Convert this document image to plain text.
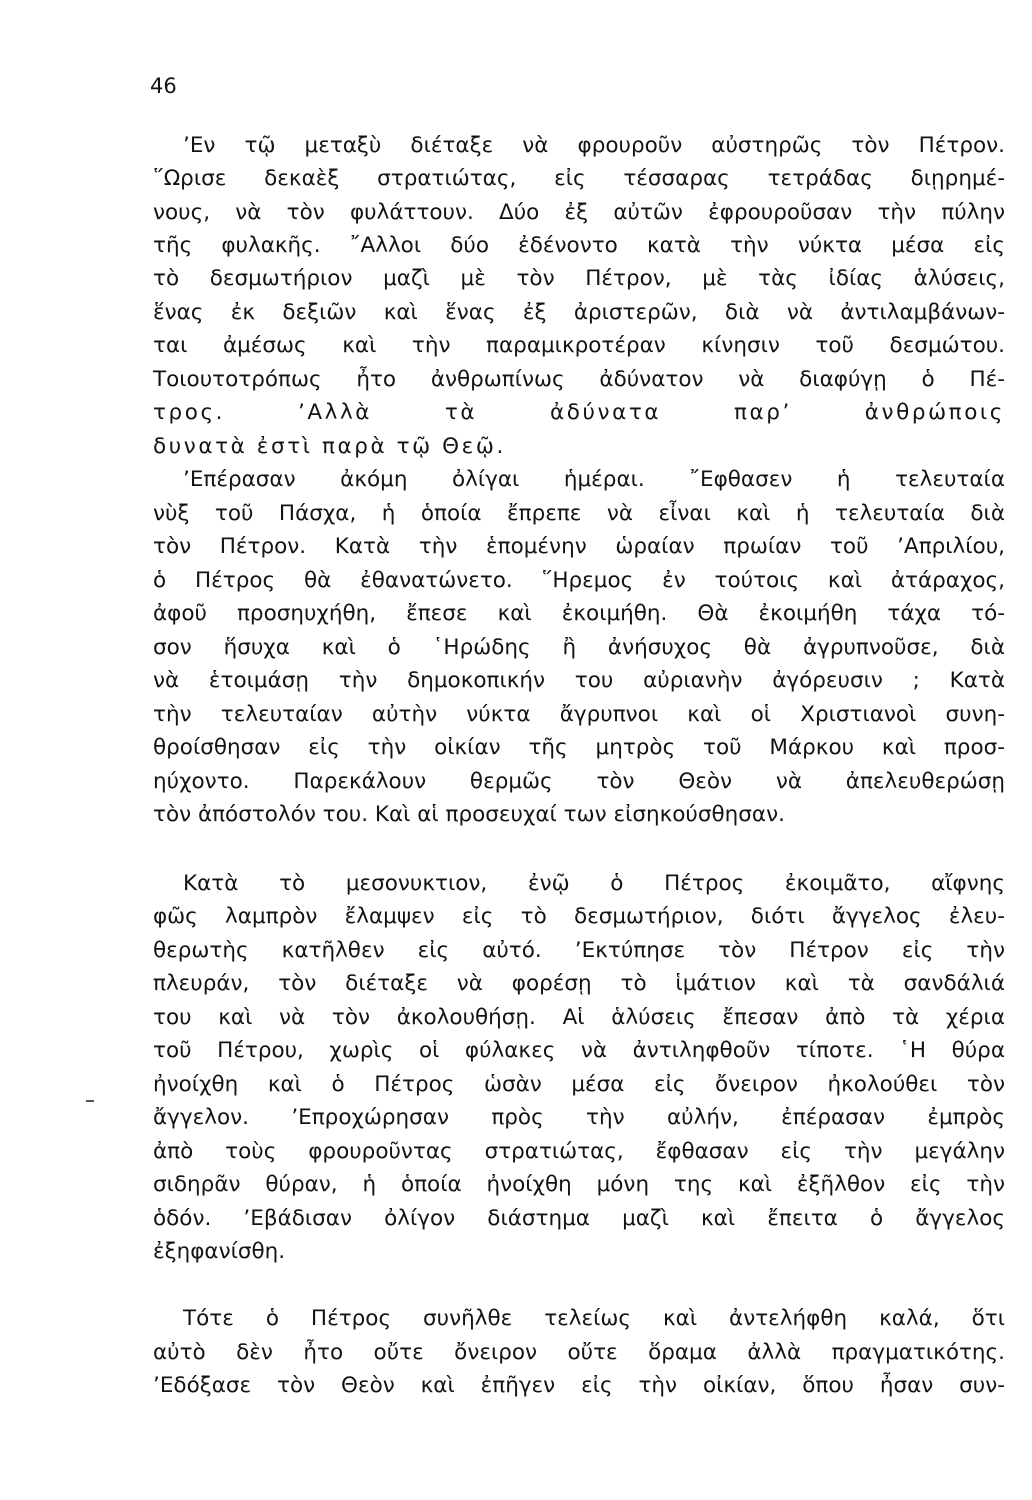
46
’Εν τῷ μεταξὺ διέταξε νὰ φρουροῦν αὐστηρῶς τὸν Πέτρον.
῞Ωρισε δεκαὲξ στρατιώτας, εἰς τέσσαρας τετράδας διῃρημέ-
νους, νὰ τὸν φυλάττουν. Δύο ἐξ αὐτῶν ἐφρουροῦσαν τὴν πύλην
τῆς φυλακῆς. ῎Αλλοι δύο ἐδένοντο κατὰ τὴν νύκτα μέσα εἰς
τὸ δεσμωτήριον μαζὶ μὲ τὸν Πέτρον, μὲ τὰς ἰδίας ἁλύσεις,
ἕνας ἐκ δεξιῶν καὶ ἕνας ἐξ ἀριστερῶν, διὰ νὰ ἀντιλαμβάνων-
ται ἀμέσως καὶ τὴν παραμικροτέραν κίνησιν τοῦ δεσμώτου.
Τοιουτοτρόπως ἦτο ἀνθρωπίνως ἀδύνατον νὰ διαφύγῃ ὁ Πέ-
τρος. ’Αλλὰ τὰ ἀδύνατα παρ’ ἀνθρώποις
δυνατὰ ἐστὶ παρὰ τῷ Θεῷ.
’Επέρασαν ἀκόμη ὀλίγαι ἡμέραι. ῎Εφθασεν ἡ τελευταία
νὺξ τοῦ Πάσχα, ἡ ὁποία ἔπρεπε νὰ εἶναι καὶ ἡ τελευταία διὰ
τὸν Πέτρον. Κατὰ τὴν ἑπομένην ὡραίαν πρωίαν τοῦ ’Απριλίου,
ὁ Πέτρος θὰ ἐθανατώνετο. ῞Ηρεμος ἐν τούτοις καὶ ἀτάραχος,
ἀφοῦ προσηυχήθη, ἔπεσε καὶ ἐκοιμήθη. Θὰ ἐκοιμήθη τάχα τό-
σον ἥσυχα καὶ ὁ ῾Ηρώδης ἢ ἀνήσυχος θὰ ἀγρυπνοῦσε, διὰ
νὰ ἑτοιμάσῃ τὴν δημοκοπικήν του αὐριανὴν ἀγόρευσιν ; Κατὰ
τὴν τελευταίαν αὐτὴν νύκτα ἄγρυπνοι καὶ οἱ Χριστιανοὶ συνη-
θροίσθησαν εἰς τὴν οἰκίαν τῆς μητρὸς τοῦ Μάρκου καὶ προσ-
ηύχοντο. Παρεκάλουν θερμῶς τὸν Θεὸν νὰ ἀπελευθερώσῃ
τὸν ἀπόστολόν του. Καὶ αἱ προσευχαί των εἰσηκούσθησαν.
Κατὰ τὸ μεσονυκτιον, ἐνῷ ὁ Πέτρος ἐκοιμᾶτο, αἴφνης
φῶς λαμπρὸν ἔλαμψεν εἰς τὸ δεσμωτήριον, διότι ἄγγελος ἐλευ-
θερωτὴς κατῆλθεν εἰς αὐτό. ’Εκτύπησε τὸν Πέτρον εἰς τὴν
πλευράν, τὸν διέταξε νὰ φορέσῃ τὸ ἱμάτιον καὶ τὰ σανδάλιά
του καὶ νὰ τὸν ἀκολουθήσῃ. Αἱ ἁλύσεις ἔπεσαν ἀπὸ τὰ χέρια
τοῦ Πέτρου, χωρὶς οἱ φύλακες νὰ ἀντιληφθοῦν τίποτε. ῾Η θύρα
ἠνοίχθη καὶ ὁ Πέτρος ὡσὰν μέσα εἰς ὄνειρον ἠκολούθει τὸν
ἄγγελον. ’Επροχώρησαν πρὸς τὴν αὐλήν, ἐπέρασαν ἐμπρὸς
ἀπὸ τοὺς φρουροῦντας στρατιώτας, ἔφθασαν εἰς τὴν μεγάλην
σιδηρᾶν θύραν, ἡ ὁποία ἠνοίχθη μόνη της καὶ ἐξῆλθον εἰς τὴν
ὁδόν. ’Εβάδισαν ὀλίγον διάστημα μαζὶ καὶ ἔπειτα ὁ ἄγγελος
ἐξηφανίσθη.
Τότε ὁ Πέτρος συνῆλθε τελείως καὶ ἀντελήφθη καλά, ὅτι
αὐτὸ δὲν ἦτο οὔτε ὄνειρον οὔτε ὅραμα ἀλλὰ πραγματικότης.
’Εδόξασε τὸν Θεὸν καὶ ἐπῆγεν εἰς τὴν οἰκίαν, ὅπου ἦσαν συν-
